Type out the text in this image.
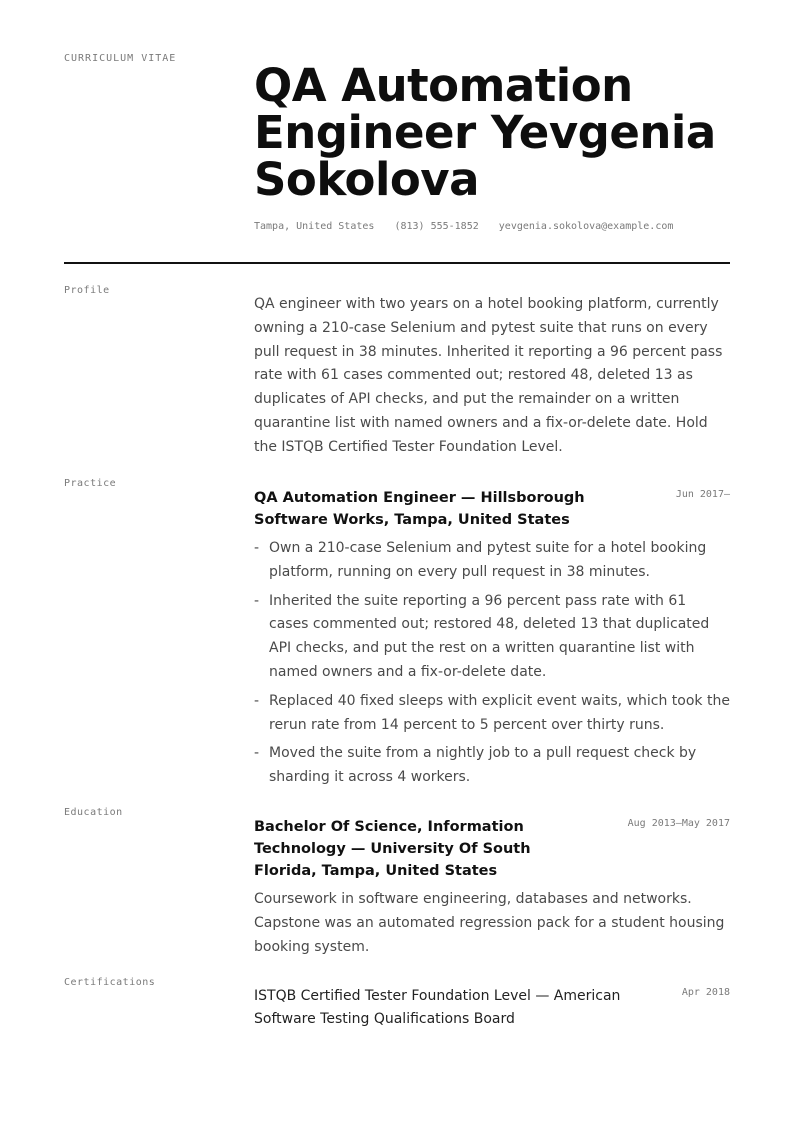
CURRICULUM VITAE
QA Automation Engineer Yevgenia Sokolova
Tampa, United States (813) 555-1852 yevgenia.sokolova@example.com
Profile

QA engineer with two years on a hotel booking platform, currently owning a 210-case Selenium and pytest suite that runs on every pull request in 38 minutes. Inherited it reporting a 96 percent pass rate with 61 cases commented out; restored 48, deleted 13 as duplicates of API checks, and put the remainder on a written quarantine list with named owners and a fix-or-delete date. Hold the ISTQB Certified Tester Foundation Level.

Practice
QA Automation Engineer — Hillsborough Software Works, Tampa, United States
Jun 2017–
- Own a 210-case Selenium and pytest suite for a hotel booking platform, running on every pull request in 38 minutes.
- Inherited the suite reporting a 96 percent pass rate with 61 cases commented out; restored 48, deleted 13 that duplicated API checks, and put the rest on a written quarantine list with named owners and a fix-or-delete date.
- Replaced 40 fixed sleeps with explicit event waits, which took the rerun rate from 14 percent to 5 percent over thirty runs.
- Moved the suite from a nightly job to a pull request check by sharding it across 4 workers.
Education
Bachelor Of Science, Information Technology — University Of South Florida, Tampa, United States
Aug 2013–May 2017

Coursework in software engineering, databases and networks. Capstone was an automated regression pack for a student housing booking system.

Certifications
ISTQB Certified Tester Foundation Level — American Software Testing Qualifications Board
Apr 2018
